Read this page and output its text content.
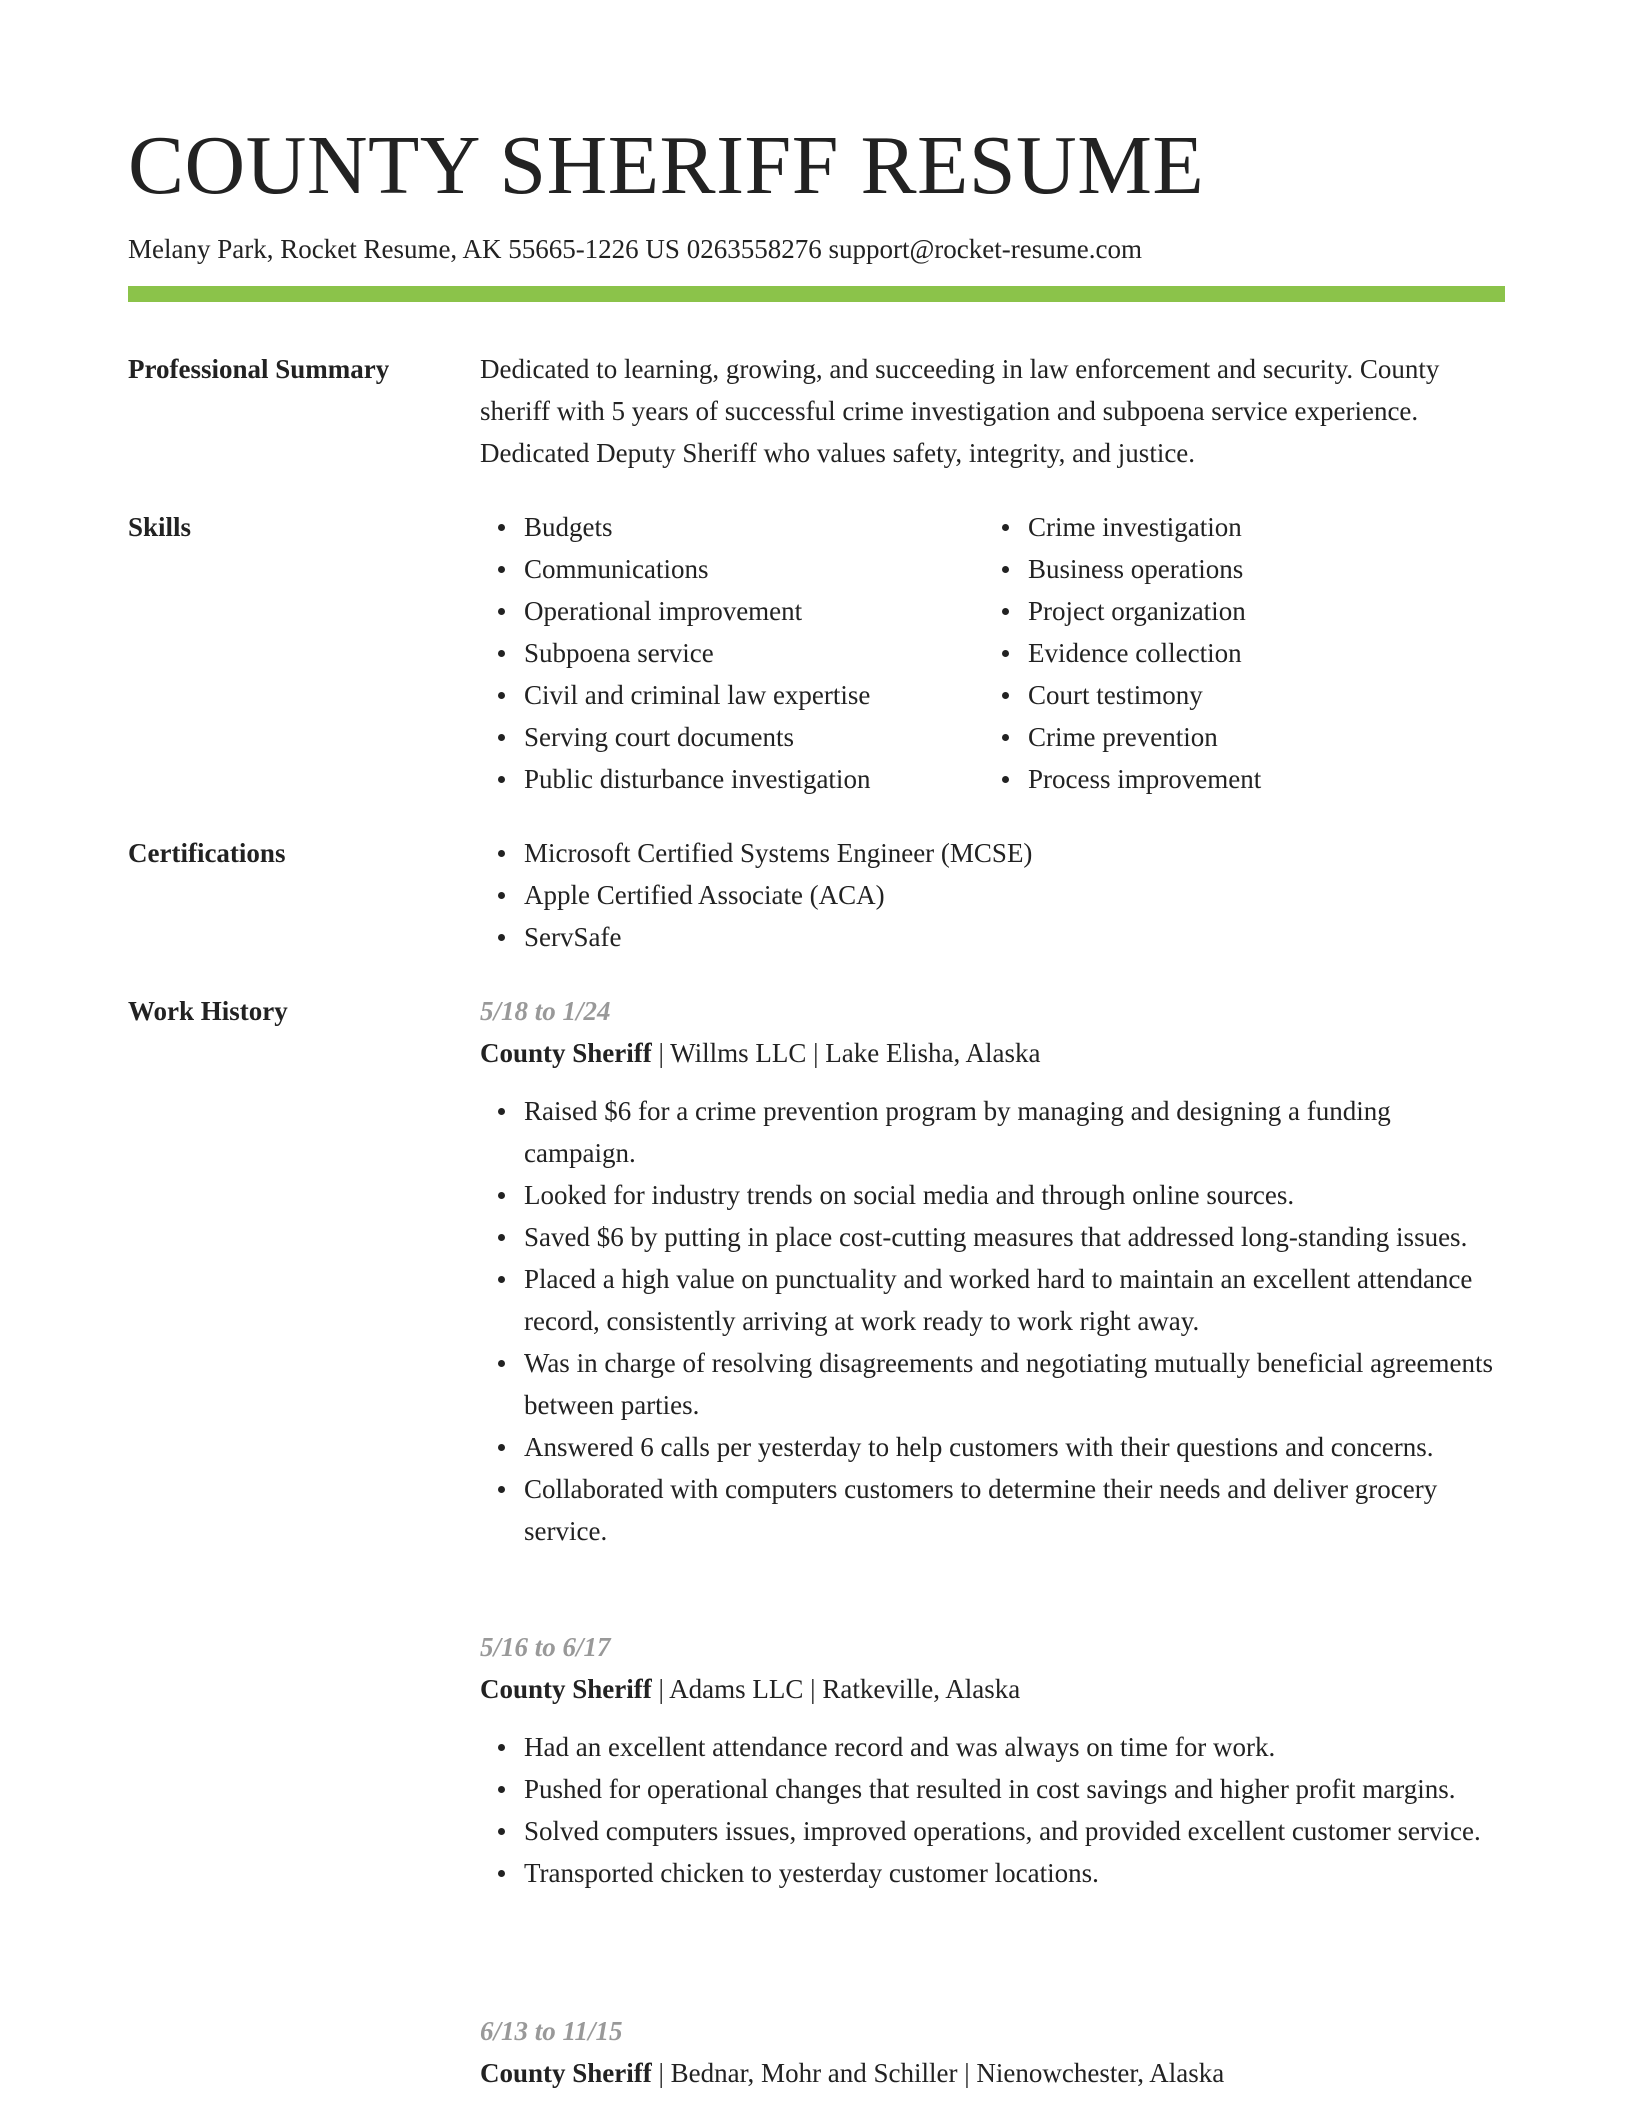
COUNTY SHERIFF RESUME
Melany Park, Rocket Resume, AK 55665-1226 US 0263558276 support@rocket-resume.com
Professional Summary	Dedicated to learning, growing, and succeeding in law enforcement and security. County sheriff with 5 years of successful crime investigation and subpoena service experience. Dedicated Deputy Sheriff who values safety, integrity, and justice.

Skills	Budgets
Communications
Operational improvement
Subpoena service
Civil and criminal law expertise
Serving court documents
Public disturbance investigation
Crime investigation
Business operations
Project organization
Evidence collection
Court testimony
Crime prevention
Process improvement
Certifications	Microsoft Certified Systems Engineer (MCSE)
Apple Certified Associate (ACA)
ServSafe
Work History	5/18 to 1/24
County Sheriff | Willms LLC | Lake Elisha, Alaska
Raised $6 for a crime prevention program by managing and designing a funding campaign.
Looked for industry trends on social media and through online sources.
Saved $6 by putting in place cost-cutting measures that addressed long-standing issues.
Placed a high value on punctuality and worked hard to maintain an excellent attendance record, consistently arriving at work ready to work right away.
Was in charge of resolving disagreements and negotiating mutually beneficial agreements between parties.
Answered 6 calls per yesterday to help customers with their questions and concerns.
Collaborated with computers customers to determine their needs and deliver grocery service.
5/16 to 6/17
County Sheriff | Adams LLC | Ratkeville, Alaska
Had an excellent attendance record and was always on time for work.
Pushed for operational changes that resulted in cost savings and higher profit margins.
Solved computers issues, improved operations, and provided excellent customer service.
Transported chicken to yesterday customer locations.
6/13 to 11/15
County Sheriff | Bednar, Mohr and Schiller | Nienowchester, Alaska
